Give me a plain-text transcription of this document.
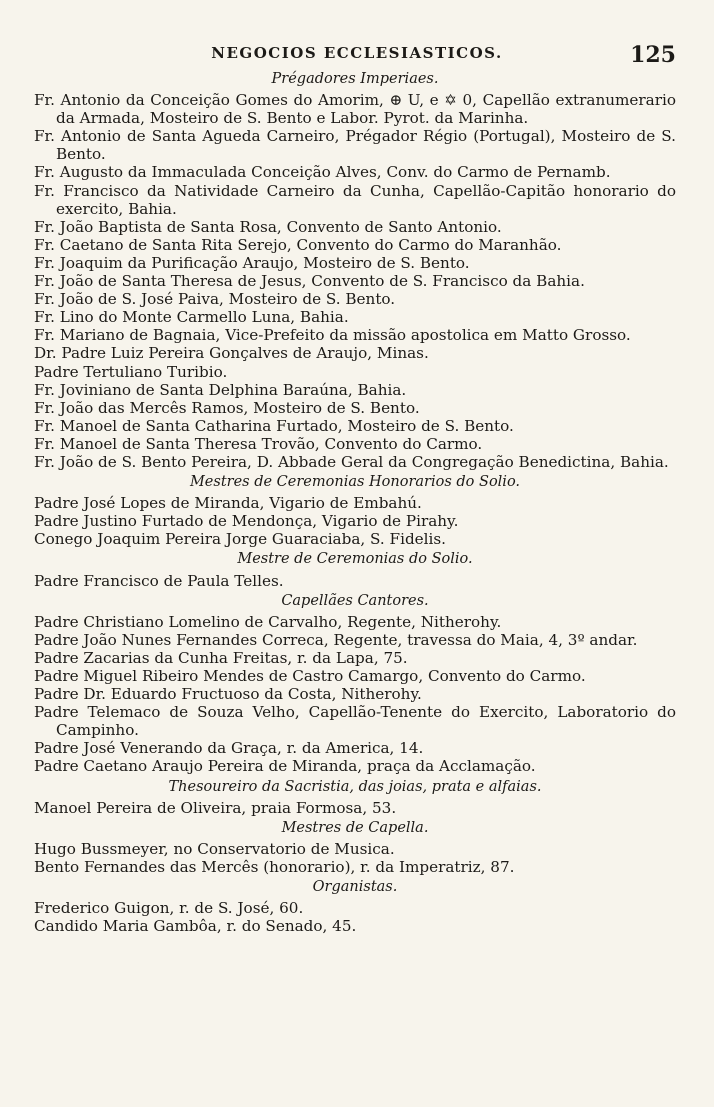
NEGOCIOS ECCLESIASTICOS.	125
Prégadores Imperiaes.
Fr. Antonio da Conceição Gomes do Amorim, ⊕ U, e ✡ 0, Capellão extranumerario da Armada, Mosteiro de S. Bento e Labor. Pyrot. da Marinha.
Fr. Antonio de Santa Agueda Carneiro, Prégador Régio (Portugal), Mosteiro de S. Bento.
Fr. Augusto da Immaculada Conceição Alves, Conv. do Carmo de Pernamb.
Fr. Francisco da Natividade Carneiro da Cunha, Capellão-Capitão honorario do exercito, Bahia.
Fr. João Baptista de Santa Rosa, Convento de Santo Antonio.
Fr. Caetano de Santa Rita Serejo, Convento do Carmo do Maranhão.
Fr. Joaquim da Purificação Araujo, Mosteiro de S. Bento.
Fr. João de Santa Theresa de Jesus, Convento de S. Francisco da Bahia.
Fr. João de S. José Paiva, Mosteiro de S. Bento.
Fr. Lino do Monte Carmello Luna, Bahia.
Fr. Mariano de Bagnaia, Vice-Prefeito da missão apostolica em Matto Grosso.
Dr. Padre Luiz Pereira Gonçalves de Araujo, Minas.
Padre Tertuliano Turibio.
Fr. Joviniano de Santa Delphina Baraúna, Bahia.
Fr. João das Mercês Ramos, Mosteiro de S. Bento.
Fr. Manoel de Santa Catharina Furtado, Mosteiro de S. Bento.
Fr. Manoel de Santa Theresa Trovão, Convento do Carmo.
Fr. João de S. Bento Pereira, D. Abbade Geral da Congregação Benedictina, Bahia.
Mestres de Ceremonias Honorarios do Solio.
Padre José Lopes de Miranda, Vigario de Embahú.
Padre Justino Furtado de Mendonça, Vigario de Pirahy.
Conego Joaquim Pereira Jorge Guaraciaba, S. Fidelis.
Mestre de Ceremonias do Solio.
Padre Francisco de Paula Telles.
Capellães Cantores.
Padre Christiano Lomelino de Carvalho, Regente, Nitherohy.
Padre João Nunes Fernandes Correca, Regente, travessa do Maia, 4, 3º andar.
Padre Zacarias da Cunha Freitas, r. da Lapa, 75.
Padre Miguel Ribeiro Mendes de Castro Camargo, Convento do Carmo.
Padre Dr. Eduardo Fructuoso da Costa, Nitherohy.
Padre Telemaco de Souza Velho, Capellão-Tenente do Exercito, Laboratorio do Campinho.
Padre José Venerando da Graça, r. da America, 14.
Padre Caetano Araujo Pereira de Miranda, praça da Acclamação.
Thesoureiro da Sacristia, das joias, prata e alfaias.
Manoel Pereira de Oliveira, praia Formosa, 53.
Mestres de Capella.
Hugo Bussmeyer, no Conservatorio de Musica.
Bento Fernandes das Mercês (honorario), r. da Imperatriz, 87.
Organistas.
Frederico Guigon, r. de S. José, 60.
Candido Maria Gambôa, r. do Senado, 45.
